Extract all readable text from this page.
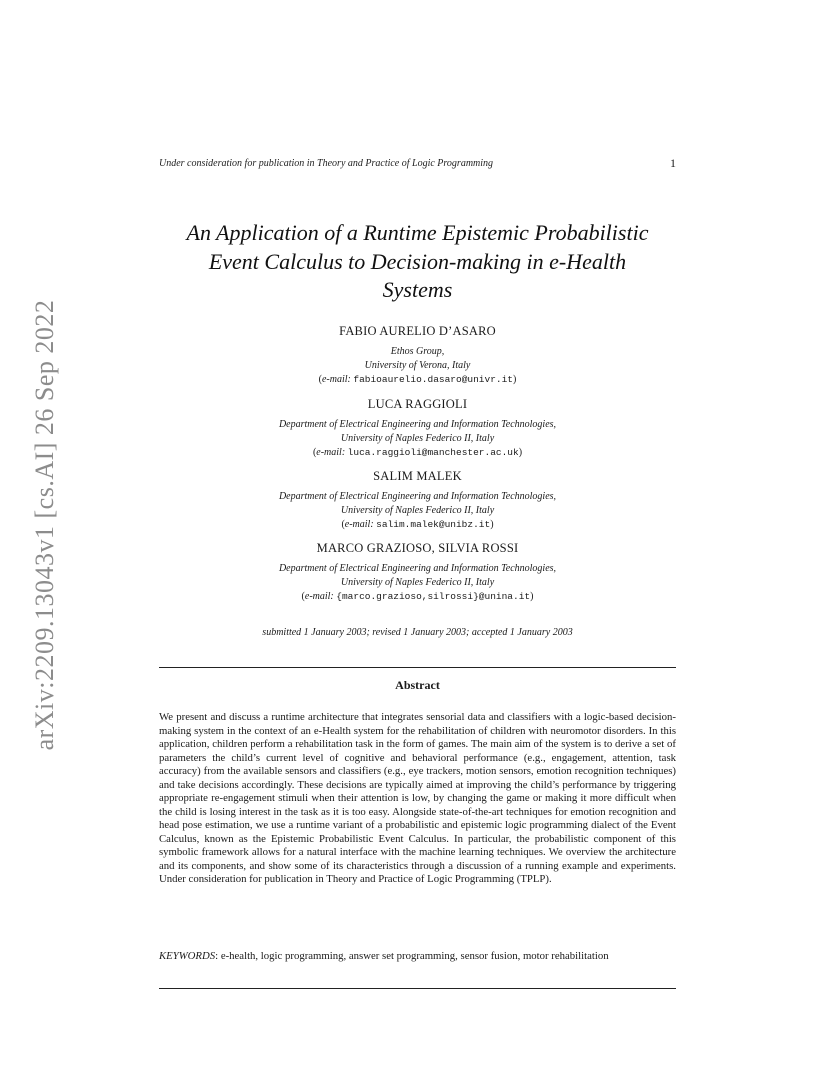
arXiv:2209.13043v1 [cs.AI] 26 Sep 2022
Under consideration for publication in Theory and Practice of Logic Programming	1
An Application of a Runtime Epistemic Probabilistic
Event Calculus to Decision-making in e-Health
Systems
FABIO AURELIO D’ASARO
Ethos Group,
University of Verona, Italy
(e-mail: fabioaurelio.dasaro@univr.it)
LUCA RAGGIOLI
Department of Electrical Engineering and Information Technologies,
University of Naples Federico II, Italy
(e-mail: luca.raggioli@manchester.ac.uk)
SALIM MALEK
Department of Electrical Engineering and Information Technologies,
University of Naples Federico II, Italy
(e-mail: salim.malek@unibz.it)
MARCO GRAZIOSO, SILVIA ROSSI
Department of Electrical Engineering and Information Technologies,
University of Naples Federico II, Italy
(e-mail: {marco.grazioso,silrossi}@unina.it)
submitted 1 January 2003; revised 1 January 2003; accepted 1 January 2003
Abstract
We present and discuss a runtime architecture that integrates sensorial data and classifiers with a logic-based decision-making system in the context of an e-Health system for the rehabilitation of children with neuromotor disorders. In this application, children perform a rehabilitation task in the form of games. The main aim of the system is to derive a set of parameters the child’s current level of cognitive and behavioral performance (e.g., engagement, attention, task accuracy) from the available sensors and classifiers (e.g., eye trackers, motion sensors, emotion recognition techniques) and take decisions accordingly. These decisions are typically aimed at improving the child’s performance by triggering appropriate re-engagement stimuli when their attention is low, by changing the game or making it more difficult when the child is losing interest in the task as it is too easy. Alongside state-of-the-art techniques for emotion recognition and head pose estimation, we use a runtime variant of a probabilistic and epistemic logic programming dialect of the Event Calculus, known as the Epistemic Probabilistic Event Calculus. In particular, the probabilistic component of this symbolic framework allows for a natural interface with the machine learning techniques. We overview the architecture and its components, and show some of its characteristics through a discussion of a running example and experiments. Under consideration for publication in Theory and Practice of Logic Programming (TPLP).
KEYWORDS: e-health, logic programming, answer set programming, sensor fusion, motor rehabilitation
